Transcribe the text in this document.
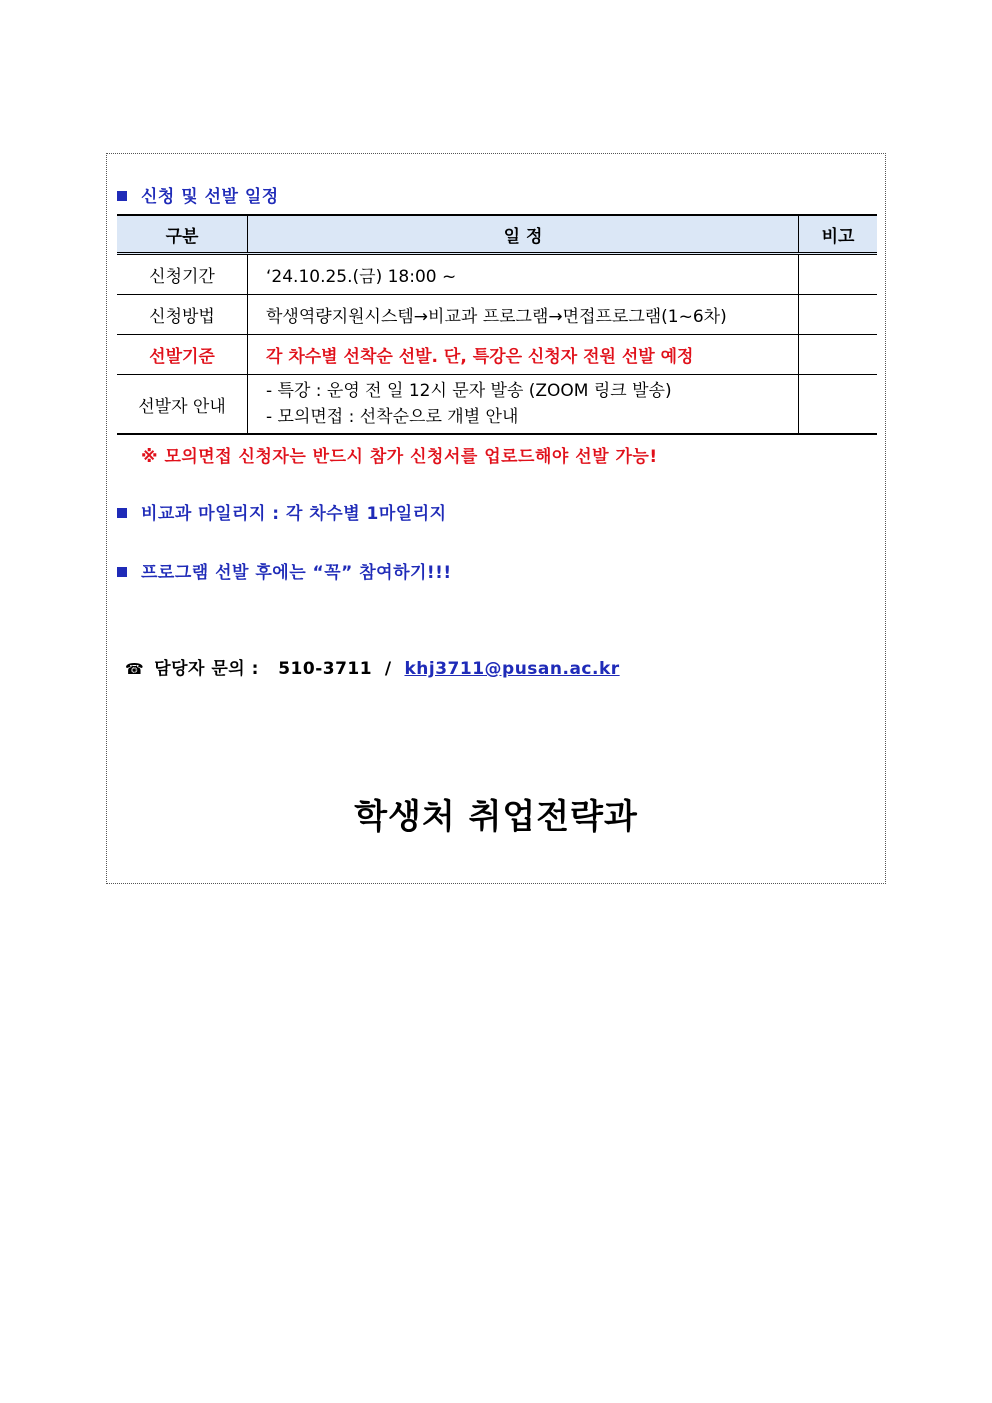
신청 및 선발 일정
구분	일 정	비고
신청기간	‘24.10.25.(금) 18:00 ~	
신청방법	학생역량지원시스템→비교과 프로그램→면접프로그램(1~6차)	
선발기준	각 차수별 선착순 선발. 단, 특강은 신청자 전원 선발 예정	
선발자 안내	- 특강 : 운영 전 일 12시 문자 발송 (ZOOM 링크 발송)
- 모의면접 : 선착순으로 개별 안내	

※ 모의면접 신청자는 반드시 참가 신청서를 업로드해야 선발 가능!
비교과 마일리지 : 각 차수별 1마일리지
프로그램 선발 후에는 “꼭” 참여하기!!!
☎ 담당자 문의 : 510-3711 / khj3711@pusan.ac.kr
학생처 취업전략과
